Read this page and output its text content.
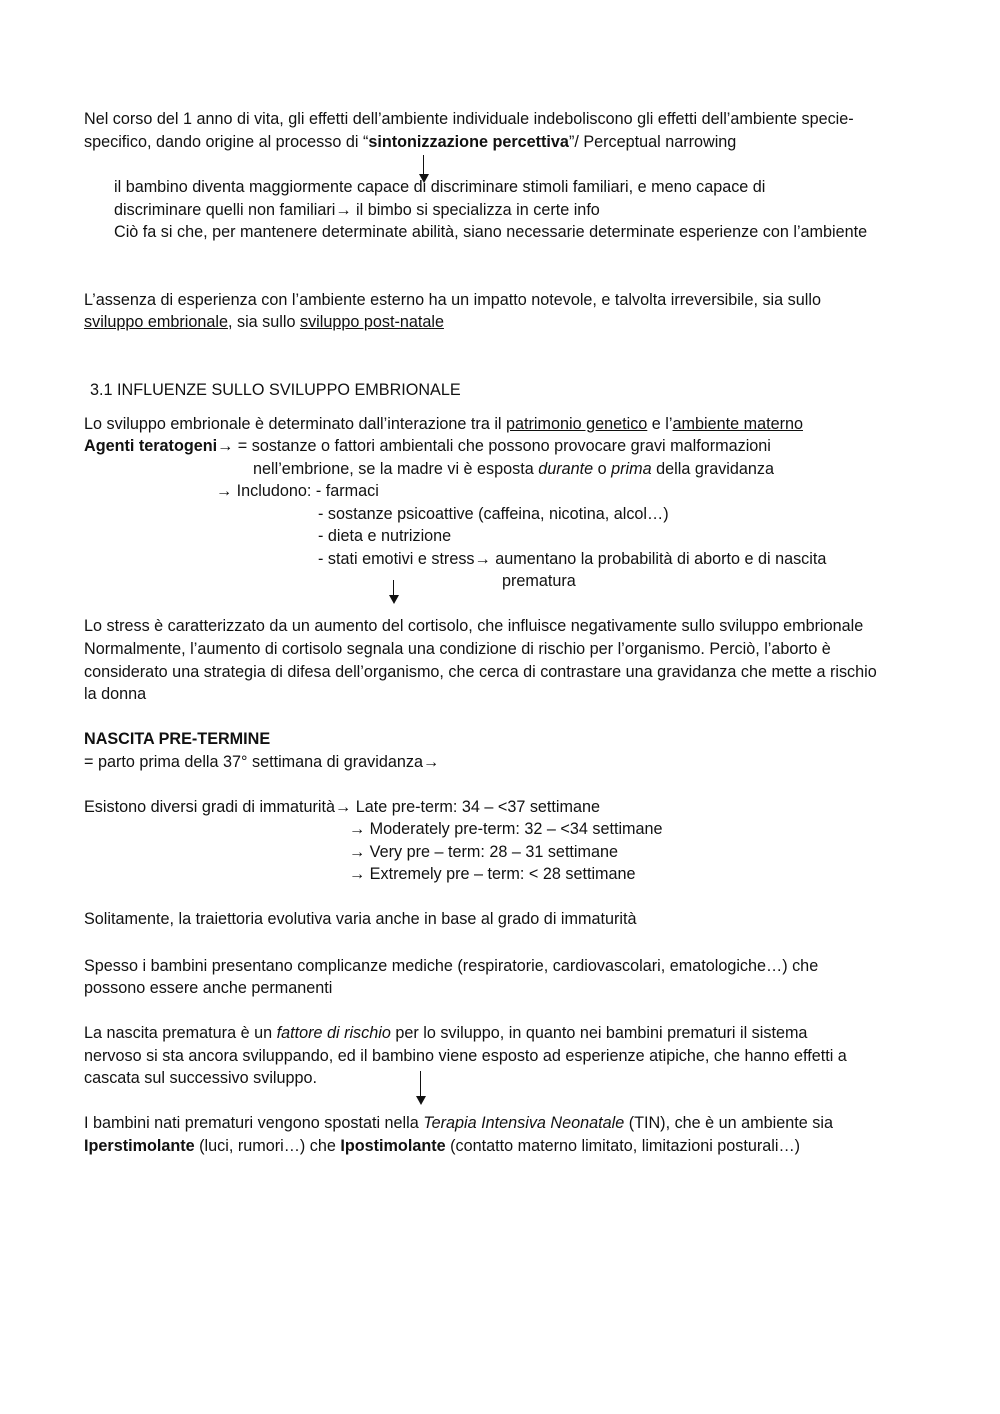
Nel corso del 1 anno di vita, gli effetti dell’ambiente individuale indeboliscono gli effetti dell’ambiente specie-
specifico, dando origine al processo di “sintonizzazione percettiva”/ Perceptual narrowing
il bambino diventa maggiormente capace di discriminare stimoli familiari, e meno capace di
discriminare quelli non familiari→ il bimbo si specializza in certe info
Ciò fa si che, per mantenere determinate abilità, siano necessarie determinate esperienze con l’ambiente
L’assenza di esperienza con l’ambiente esterno ha un impatto notevole, e talvolta irreversibile, sia sullo
sviluppo embrionale, sia sullo sviluppo post-natale
3.1 INFLUENZE SULLO SVILUPPO EMBRIONALE
Lo sviluppo embrionale è determinato dall’interazione tra il patrimonio genetico e l’ambiente materno
Agenti teratogeni→ = sostanze o fattori ambientali che possono provocare gravi malformazioni
nell’embrione, se la madre vi è esposta durante o prima della gravidanza
→ Includono: - farmaci
- sostanze psicoattive (caffeina, nicotina, alcol…)
- dieta e nutrizione
- stati emotivi e stress→ aumentano la probabilità di aborto e di nascita
prematura
Lo stress è caratterizzato da un aumento del cortisolo, che influisce negativamente sullo sviluppo embrionale
Normalmente, l’aumento di cortisolo segnala una condizione di rischio per l’organismo. Perciò, l’aborto è
considerato una strategia di difesa dell’organismo, che cerca di contrastare una gravidanza che mette a rischio
la donna
NASCITA PRE-TERMINE
= parto prima della 37° settimana di gravidanza→
Esistono diversi gradi di immaturità→ Late pre-term: 34 – <37 settimane
→ Moderately pre-term: 32 – <34 settimane
→ Very pre – term: 28 – 31 settimane
→ Extremely pre – term: < 28 settimane
Solitamente, la traiettoria evolutiva varia anche in base al grado di immaturità
Spesso i bambini presentano complicanze mediche (respiratorie, cardiovascolari, ematologiche…) che
possono essere anche permanenti
La nascita prematura è un fattore di rischio per lo sviluppo, in quanto nei bambini prematuri il sistema
nervoso si sta ancora sviluppando, ed il bambino viene esposto ad esperienze atipiche, che hanno effetti a
cascata sul successivo sviluppo.
I bambini nati prematuri vengono spostati nella Terapia Intensiva Neonatale (TIN), che è un ambiente sia
Iperstimolante (luci, rumori…) che Ipostimolante (contatto materno limitato, limitazioni posturali…)
